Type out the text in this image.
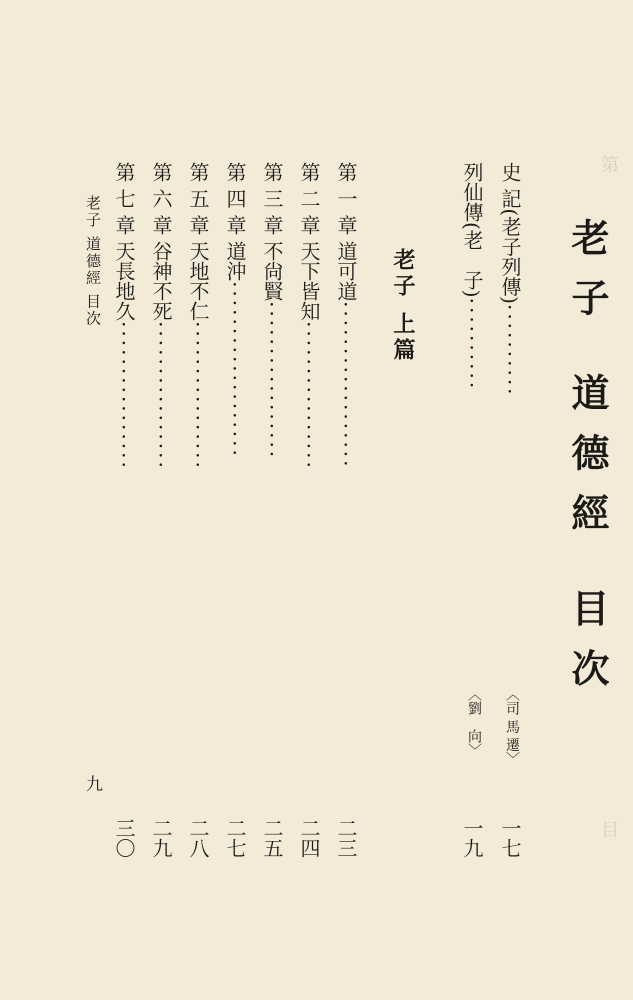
第
目
老子 道德經 目次
史 記(老子列傳)··········
〈司 馬 遷〉
一七
列仙傳(老　子)··········
〈劉　向〉
一九
老子上篇
第 一 章 道可道··················
二三
第 二 章 天下皆知················
二四
第 三 章 不尙賢·················
二五
第 四 章 道沖···················
二七
第 五 章 天地不仁················
二八
第 六 章 谷神不死················
二九
第 七 章 天長地久················
三〇
老子 道德經 目次
九
